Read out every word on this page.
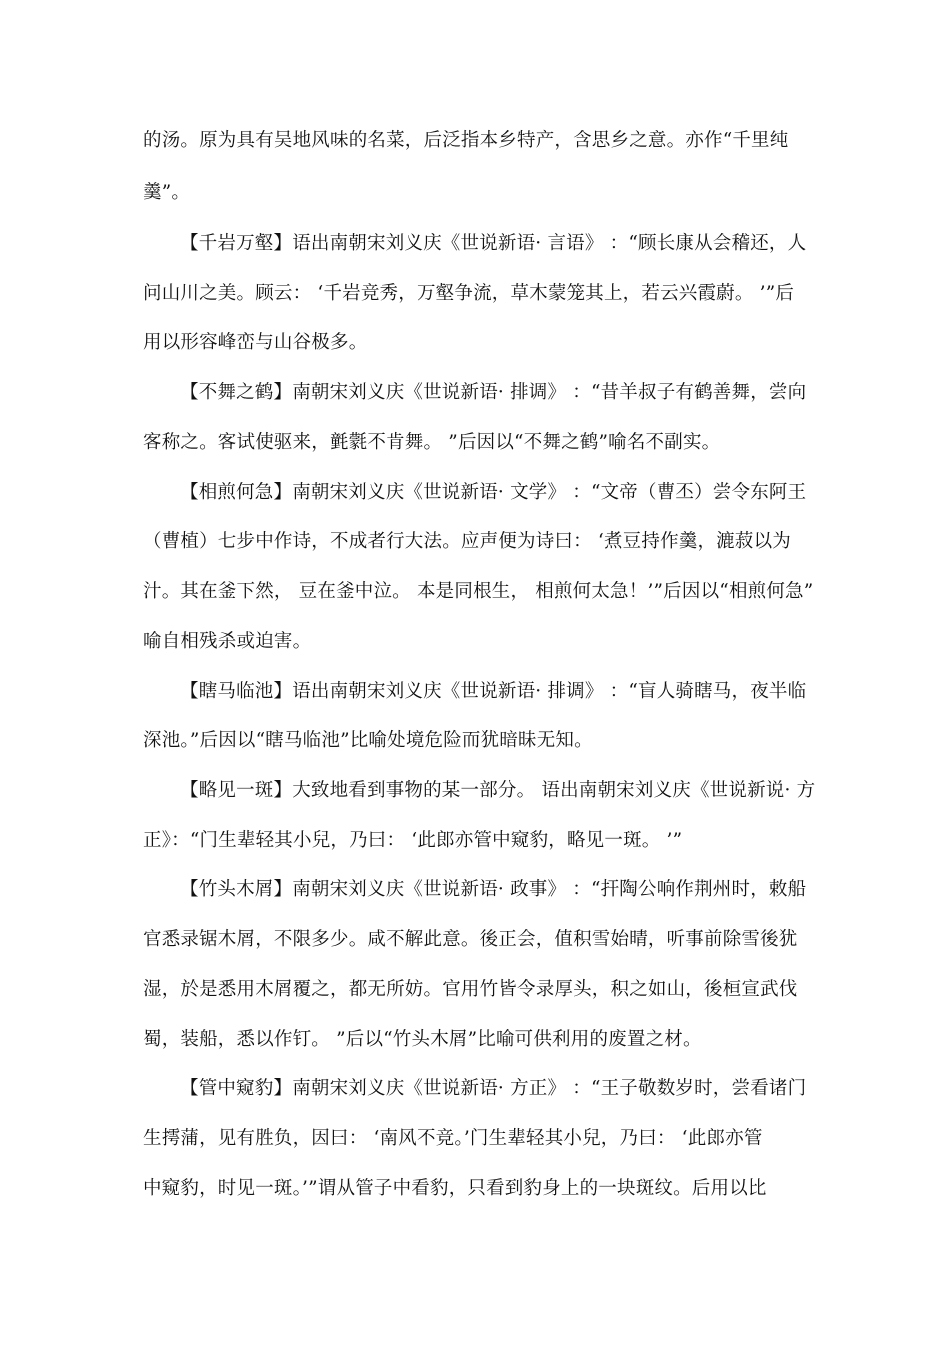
的汤。原为具有吴地风味的名菜，后泛指本乡特产，含思乡之意。亦作“千里纯
羹”。
【千岩万壑】语出南朝宋刘义庆《世说新语· 言语》 ：“顾长康从会稽还，人
问山川之美。顾云： ‘千岩竞秀，万壑争流，草木蒙笼其上，若云兴霞蔚。 ’”后
用以形容峰峦与山谷极多。
【不舞之鹤】南朝宋刘义庆《世说新语· 排调》 ：“昔羊叔子有鹤善舞，尝向
客称之。客试使驱来，氃氋不肯舞。 ”后因以“不舞之鹤”喻名不副实。
【相煎何急】南朝宋刘义庆《世说新语· 文学》 ：“文帝（曹丕）尝令东阿王
（曹植）七步中作诗，不成者行大法。应声便为诗曰： ‘煮豆持作羹，漉菽以为
汁。其在釜下然， 豆在釜中泣。 本是同根生， 相煎何太急！’”后因以“相煎何急”
喻自相残杀或迫害。
【瞎马临池】语出南朝宋刘义庆《世说新语· 排调》 ：“盲人骑瞎马，夜半临
深池。”后因以“瞎马临池”比喻处境危险而犹暗昧无知。
【略见一斑】大致地看到事物的某一部分。 语出南朝宋刘义庆《世说新说· 方
正》：“门生辈轻其小兒，乃曰： ‘此郎亦管中窥豹，略见一斑。 ’”
【竹头木屑】南朝宋刘义庆《世说新语· 政事》 ：“扞陶公响作荆州时，敕船
官悉录锯木屑，不限多少。咸不解此意。後正会，值积雪始晴，听事前除雪後犹
湿，於是悉用木屑覆之，都无所妨。官用竹皆令录厚头，积之如山，後桓宣武伐
蜀，装船，悉以作钉。 ”后以“竹头木屑”比喻可供利用的废置之材。
【管中窥豹】南朝宋刘义庆《世说新语· 方正》 ：“王子敬数岁时，尝看诸门
生摴蒲，见有胜负，因曰： ‘南风不竞。’门生辈轻其小兒，乃曰： ‘此郎亦管
中窥豹，时见一斑。’”谓从管子中看豹，只看到豹身上的一块斑纹。后用以比
